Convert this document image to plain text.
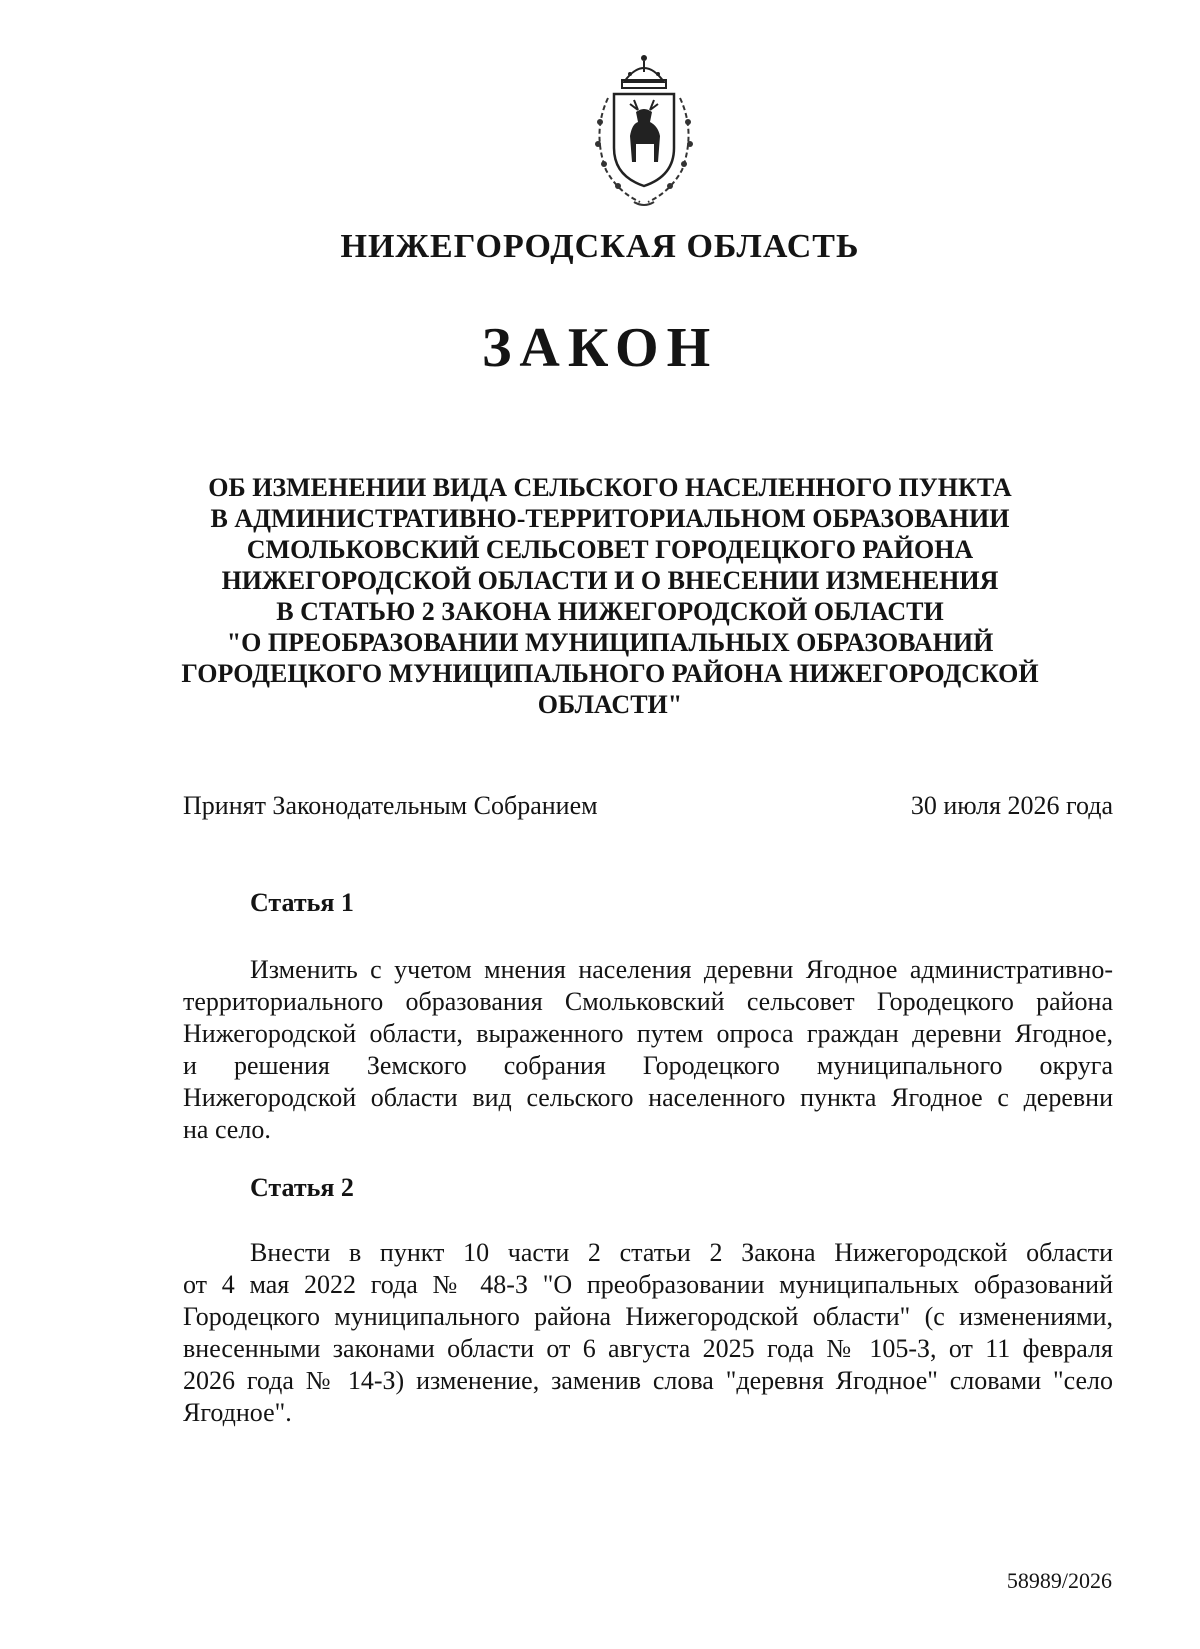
НИЖЕГОРОДСКАЯ ОБЛАСТЬ
ЗАКОН
ОБ ИЗМЕНЕНИИ ВИДА СЕЛЬСКОГО НАСЕЛЕННОГО ПУНКТА
В АДМИНИСТРАТИВНО-ТЕРРИТОРИАЛЬНОМ ОБРАЗОВАНИИ
СМОЛЬКОВСКИЙ СЕЛЬСОВЕТ ГОРОДЕЦКОГО РАЙОНА
НИЖЕГОРОДСКОЙ ОБЛАСТИ И О ВНЕСЕНИИ ИЗМЕНЕНИЯ
В СТАТЬЮ 2 ЗАКОНА НИЖЕГОРОДСКОЙ ОБЛАСТИ
"О ПРЕОБРАЗОВАНИИ МУНИЦИПАЛЬНЫХ ОБРАЗОВАНИЙ
ГОРОДЕЦКОГО МУНИЦИПАЛЬНОГО РАЙОНА НИЖЕГОРОДСКОЙ
ОБЛАСТИ"
Принят Законодательным Собранием	30 июля 2026 года
Статья 1
Изменить с учетом мнения населения деревни Ягодное административно-
территориального образования Смольковский сельсовет Городецкого района
Нижегородской области, выраженного путем опроса граждан деревни Ягодное,
и решения Земского собрания Городецкого муниципального округа
Нижегородской области вид сельского населенного пункта Ягодное с деревни
на село.
Статья 2
Внести в пункт 10 части 2 статьи 2 Закона Нижегородской области
от 4 мая 2022 года № 48-З "О преобразовании муниципальных образований
Городецкого муниципального района Нижегородской области" (с изменениями,
внесенными законами области от 6 августа 2025 года № 105-З, от 11 февраля
2026 года № 14-З) изменение, заменив слова "деревня Ягодное" словами "село
Ягодное".
58989/2026
